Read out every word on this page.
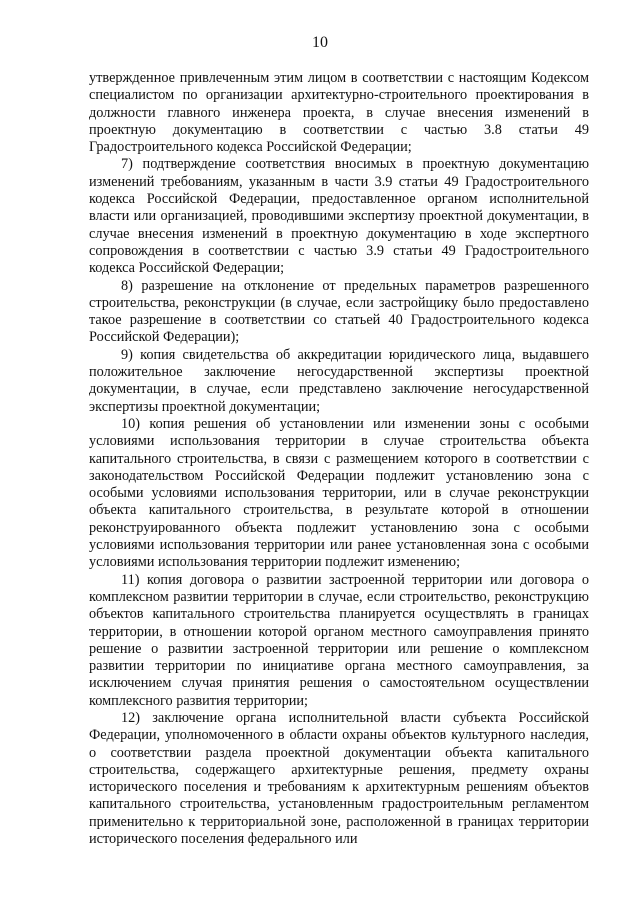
10

утвержденное привлеченным этим лицом в соответствии с настоящим Кодексом специалистом по организации архитектурно-строительного проектирования в должности главного инженера проекта, в случае внесения изменений в проектную документацию в соответствии с частью 3.8 статьи 49 Градостроительного кодекса Российской Федерации;

7) подтверждение соответствия вносимых в проектную документацию изменений требованиям, указанным в части 3.9 статьи 49 Градостроительного кодекса Российской Федерации, предоставленное органом исполнительной власти или организацией, проводившими экспертизу проектной документации, в случае внесения изменений в проектную документацию в ходе экспертного сопровождения в соответствии с частью 3.9 статьи 49 Градостроительного кодекса Российской Федерации;

8) разрешение на отклонение от предельных параметров разрешенного строительства, реконструкции (в случае, если застройщику было предоставлено такое разрешение в соответствии со статьей 40 Градостроительного кодекса Российской Федерации);

9) копия свидетельства об аккредитации юридического лица, выдавшего положительное заключение негосударственной экспертизы проектной документации, в случае, если представлено заключение негосударственной экспертизы проектной документации;

10) копия решения об установлении или изменении зоны с особыми условиями использования территории в случае строительства объекта капитального строительства, в связи с размещением которого в соответствии с законодательством Российской Федерации подлежит установлению зона с особыми условиями использования территории, или в случае реконструкции объекта капитального строительства, в результате которой в отношении реконструированного объекта подлежит установлению зона с особыми условиями использования территории или ранее установленная зона с особыми условиями использования территории подлежит изменению;

11) копия договора о развитии застроенной территории или договора о комплексном развитии территории в случае, если строительство, реконструкцию объектов капитального строительства планируется осуществлять в границах территории, в отношении которой органом местного самоуправления принято решение о развитии застроенной территории или решение о комплексном развитии территории по инициативе органа местного самоуправления, за исключением случая принятия решения о самостоятельном осуществлении комплексного развития территории;

12) заключение органа исполнительной власти субъекта Российской Федерации, уполномоченного в области охраны объектов культурного наследия, о соответствии раздела проектной документации объекта капитального строительства, содержащего архитектурные решения, предмету охраны исторического поселения и требованиям к архитектурным решениям объектов капитального строительства, установленным градостроительным регламентом применительно к территориальной зоне, расположенной в границах территории исторического поселения федерального или
